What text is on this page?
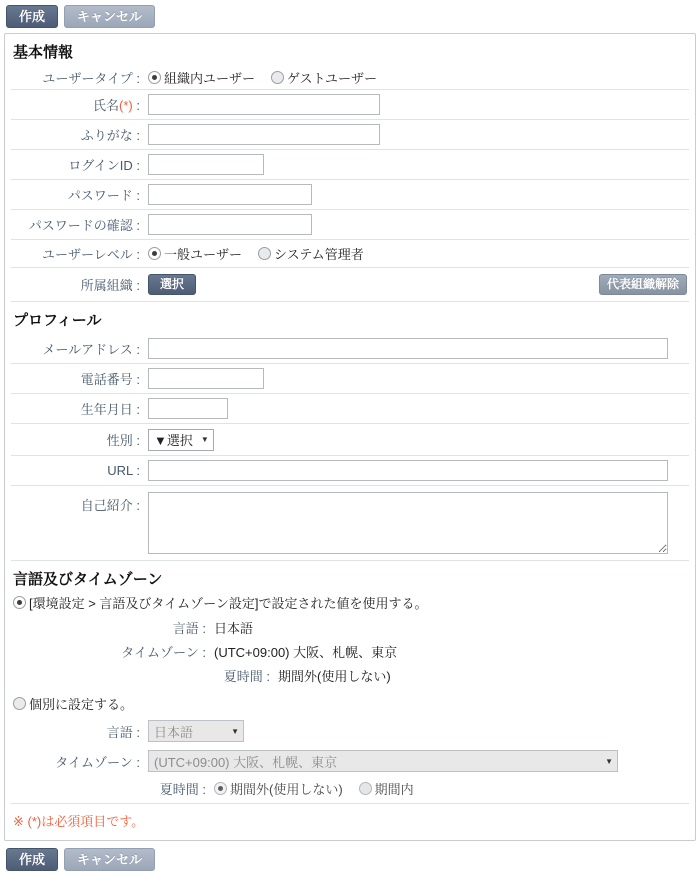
作成	キャンセル
基本情報
ユーザータイプ :	組織内ユーザー ゲストユーザー
氏名(*) :
ふりがな :
ログインID :
パスワード :
パスワードの確認 :
ユーザーレベル :	一般ユーザー システム管理者
所属組織 :	選択	代表組織解除
プロフィール
メールアドレス :
電話番号 :
生年月日 :
性別 :	▼選択 ▼
URL :
自己紹介 :
言語及びタイムゾーン
[環境設定 > 言語及びタイムゾーン設定]で設定された値を使用する。
言語 : 日本語
タイムゾーン : (UTC+09:00) 大阪、札幌、東京
夏時間 : 期間外(使用しない)
個別に設定する。
言語 :	日本語	▼
タイムゾーン :	(UTC+09:00) 大阪、札幌、東京	▼
夏時間 :	期間外(使用しない) 期間内
※ (*)は必須項目です。
作成	キャンセル
